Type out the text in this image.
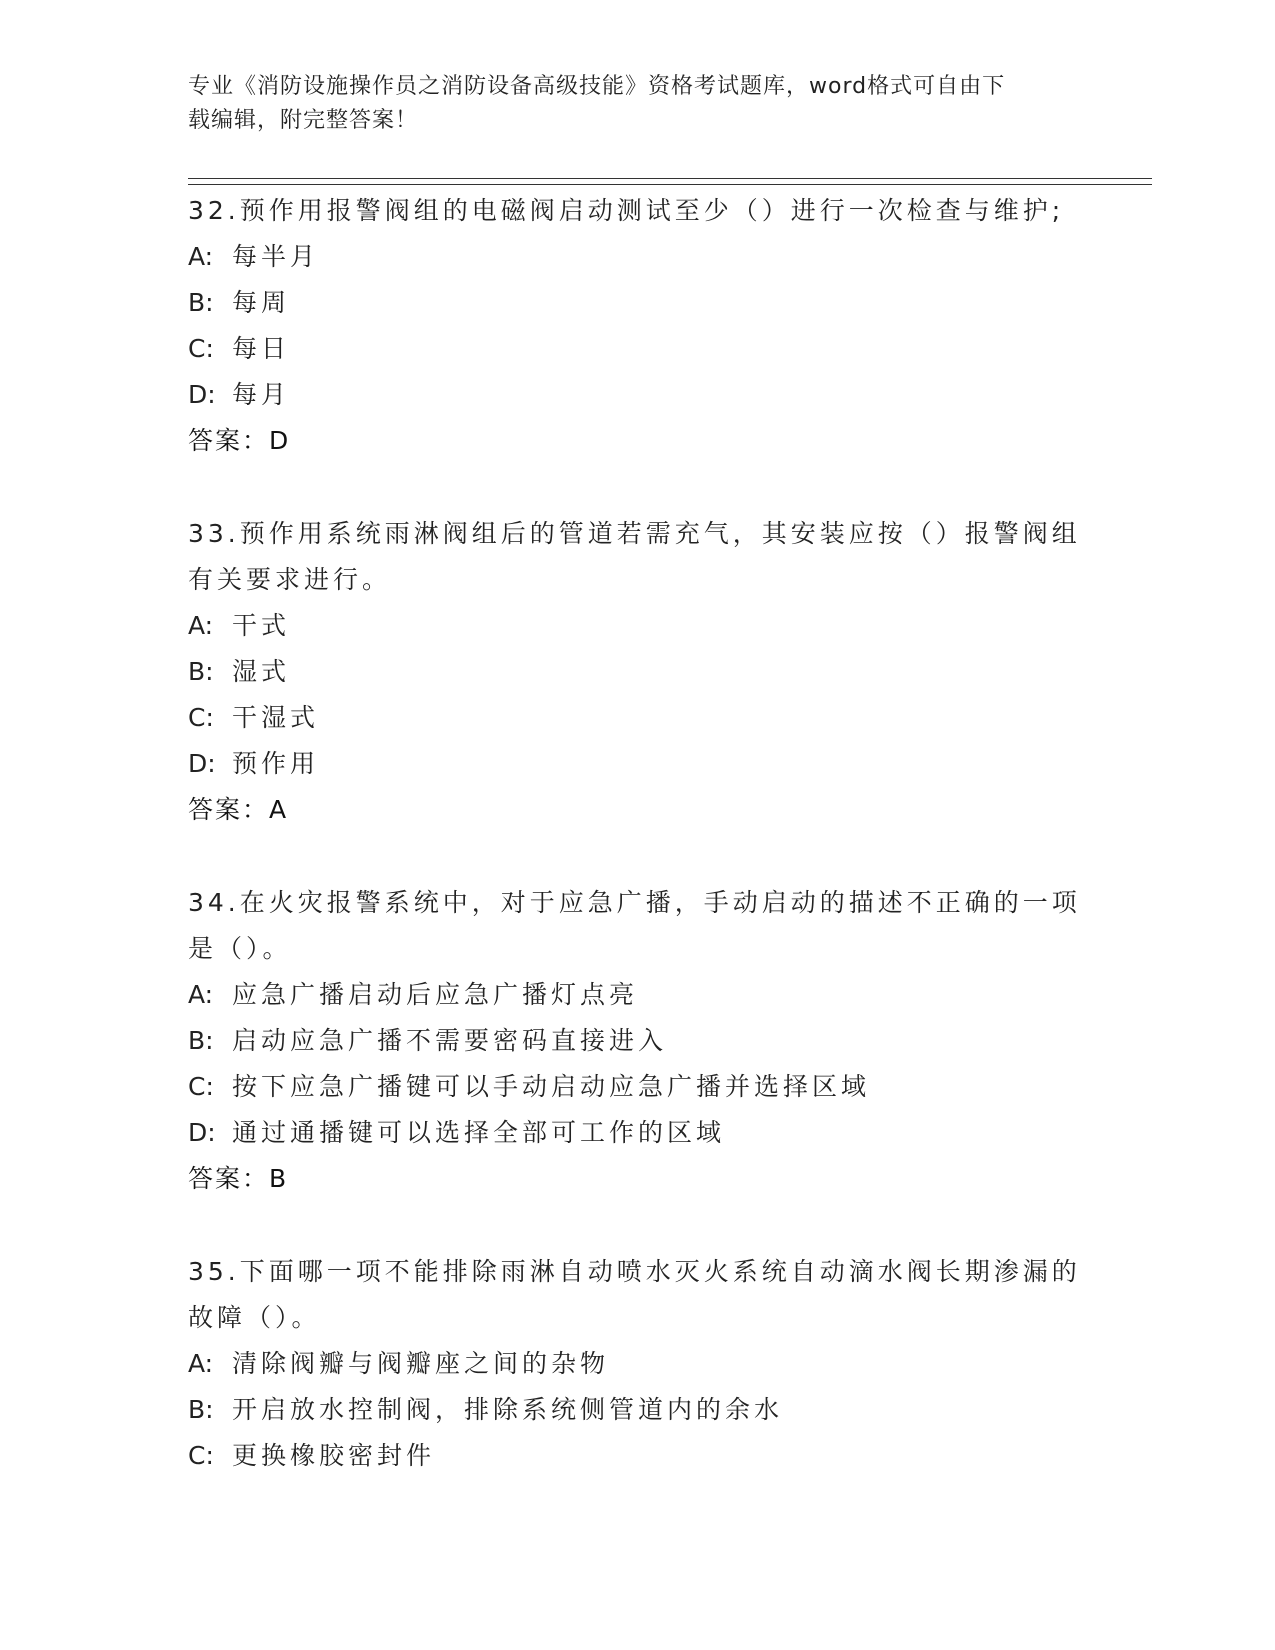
专业《消防设施操作员之消防设备高级技能》资格考试题库，word格式可自由下
载编辑，附完整答案！

32.预作用报警阀组的电磁阀启动测试至少（）进行一次检查与维护;

A: 每半月

B: 每周

C: 每日

D: 每月

答案：D

33.预作用系统雨淋阀组后的管道若需充气，其安装应按（）报警阀组

有关要求进行。

A: 干式

B: 湿式

C: 干湿式

D: 预作用

答案：A

34.在火灾报警系统中，对于应急广播，手动启动的描述不正确的一项

是（）。

A: 应急广播启动后应急广播灯点亮

B: 启动应急广播不需要密码直接进入

C: 按下应急广播键可以手动启动应急广播并选择区域

D: 通过通播键可以选择全部可工作的区域

答案：B

35.下面哪一项不能排除雨淋自动喷水灭火系统自动滴水阀长期渗漏的

故障（）。

A: 清除阀瓣与阀瓣座之间的杂物

B: 开启放水控制阀，排除系统侧管道内的余水

C: 更换橡胶密封件
